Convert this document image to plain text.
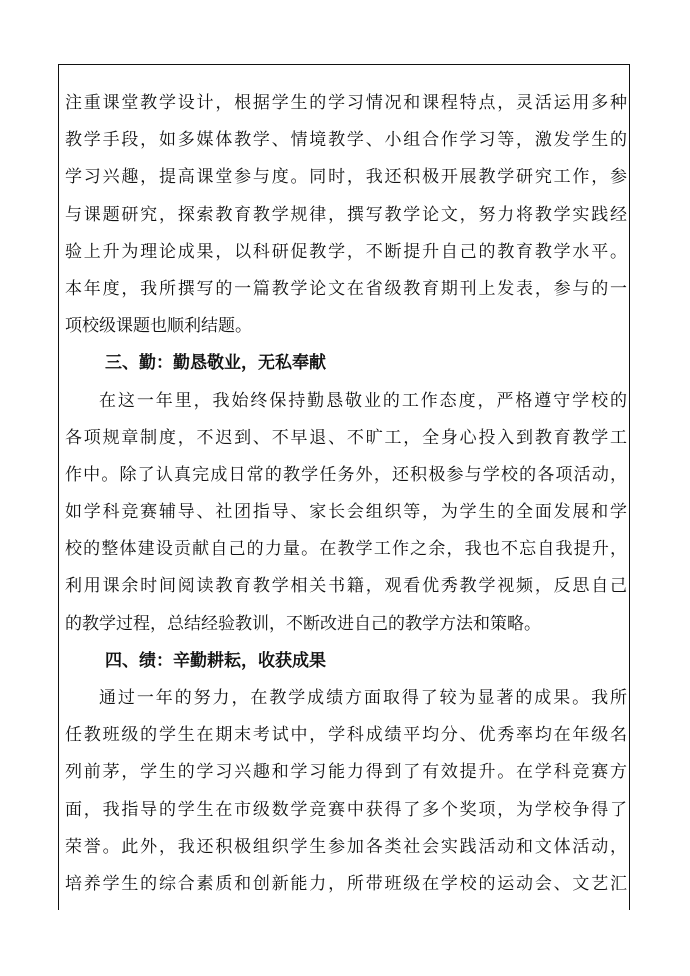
注重课堂教学设计，根据学生的学习情况和课程特点，灵活运用多种
教学手段，如多媒体教学、情境教学、小组合作学习等，激发学生的
学习兴趣，提高课堂参与度。同时，我还积极开展教学研究工作，参
与课题研究，探索教育教学规律，撰写教学论文，努力将教学实践经
验上升为理论成果，以科研促教学，不断提升自己的教育教学水平。
本年度，我所撰写的一篇教学论文在省级教育期刊上发表，参与的一
项校级课题也顺利结题。
三、勤：勤恳敬业，无私奉献
在这一年里，我始终保持勤恳敬业的工作态度，严格遵守学校的
各项规章制度，不迟到、不早退、不旷工，全身心投入到教育教学工
作中。除了认真完成日常的教学任务外，还积极参与学校的各项活动，
如学科竞赛辅导、社团指导、家长会组织等，为学生的全面发展和学
校的整体建设贡献自己的力量。在教学工作之余，我也不忘自我提升，
利用课余时间阅读教育教学相关书籍，观看优秀教学视频，反思自己
的教学过程，总结经验教训，不断改进自己的教学方法和策略。
四、绩：辛勤耕耘，收获成果
通过一年的努力，在教学成绩方面取得了较为显著的成果。我所
任教班级的学生在期末考试中，学科成绩平均分、优秀率均在年级名
列前茅，学生的学习兴趣和学习能力得到了有效提升。在学科竞赛方
面，我指导的学生在市级数学竞赛中获得了多个奖项，为学校争得了
荣誉。此外，我还积极组织学生参加各类社会实践活动和文体活动，
培养学生的综合素质和创新能力，所带班级在学校的运动会、文艺汇
